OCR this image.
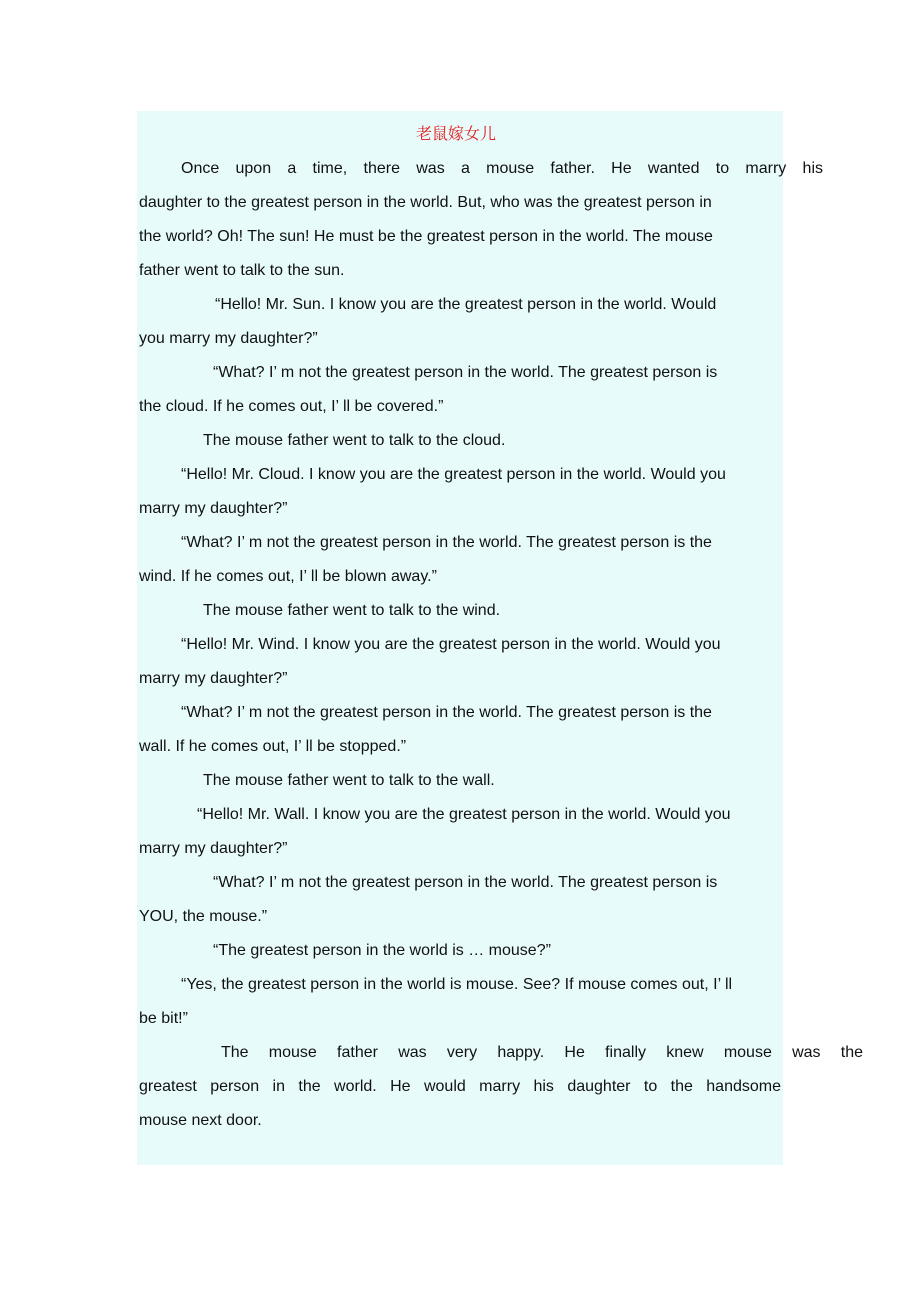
老鼠嫁女儿

Once upon a time, there was a mouse father. He wanted to marry his

daughter to the greatest person in the world. But, who was the greatest person in

the world? Oh! The sun! He must be the greatest person in the world. The mouse

father went to talk to the sun.

“Hello! Mr. Sun. I know you are the greatest person in the world. Would

you marry my daughter?”

“What? I’ m not the greatest person in the world. The greatest person is

the cloud. If he comes out, I’ ll be covered.”

The mouse father went to talk to the cloud.

“Hello! Mr. Cloud. I know you are the greatest person in the world. Would you

marry my daughter?”

“What? I’ m not the greatest person in the world. The greatest person is the

wind. If he comes out, I’ ll be blown away.”

The mouse father went to talk to the wind.

“Hello! Mr. Wind. I know you are the greatest person in the world. Would you

marry my daughter?”

“What? I’ m not the greatest person in the world. The greatest person is the

wall. If he comes out, I’ ll be stopped.”

The mouse father went to talk to the wall.

“Hello! Mr. Wall. I know you are the greatest person in the world. Would you

marry my daughter?”

“What? I’ m not the greatest person in the world. The greatest person is

YOU, the mouse.”

“The greatest person in the world is … mouse?”

“Yes, the greatest person in the world is mouse. See? If mouse comes out, I’ ll

be bit!”

The mouse father was very happy. He finally knew mouse was the

greatest person in the world. He would marry his daughter to the handsome

mouse next door.
